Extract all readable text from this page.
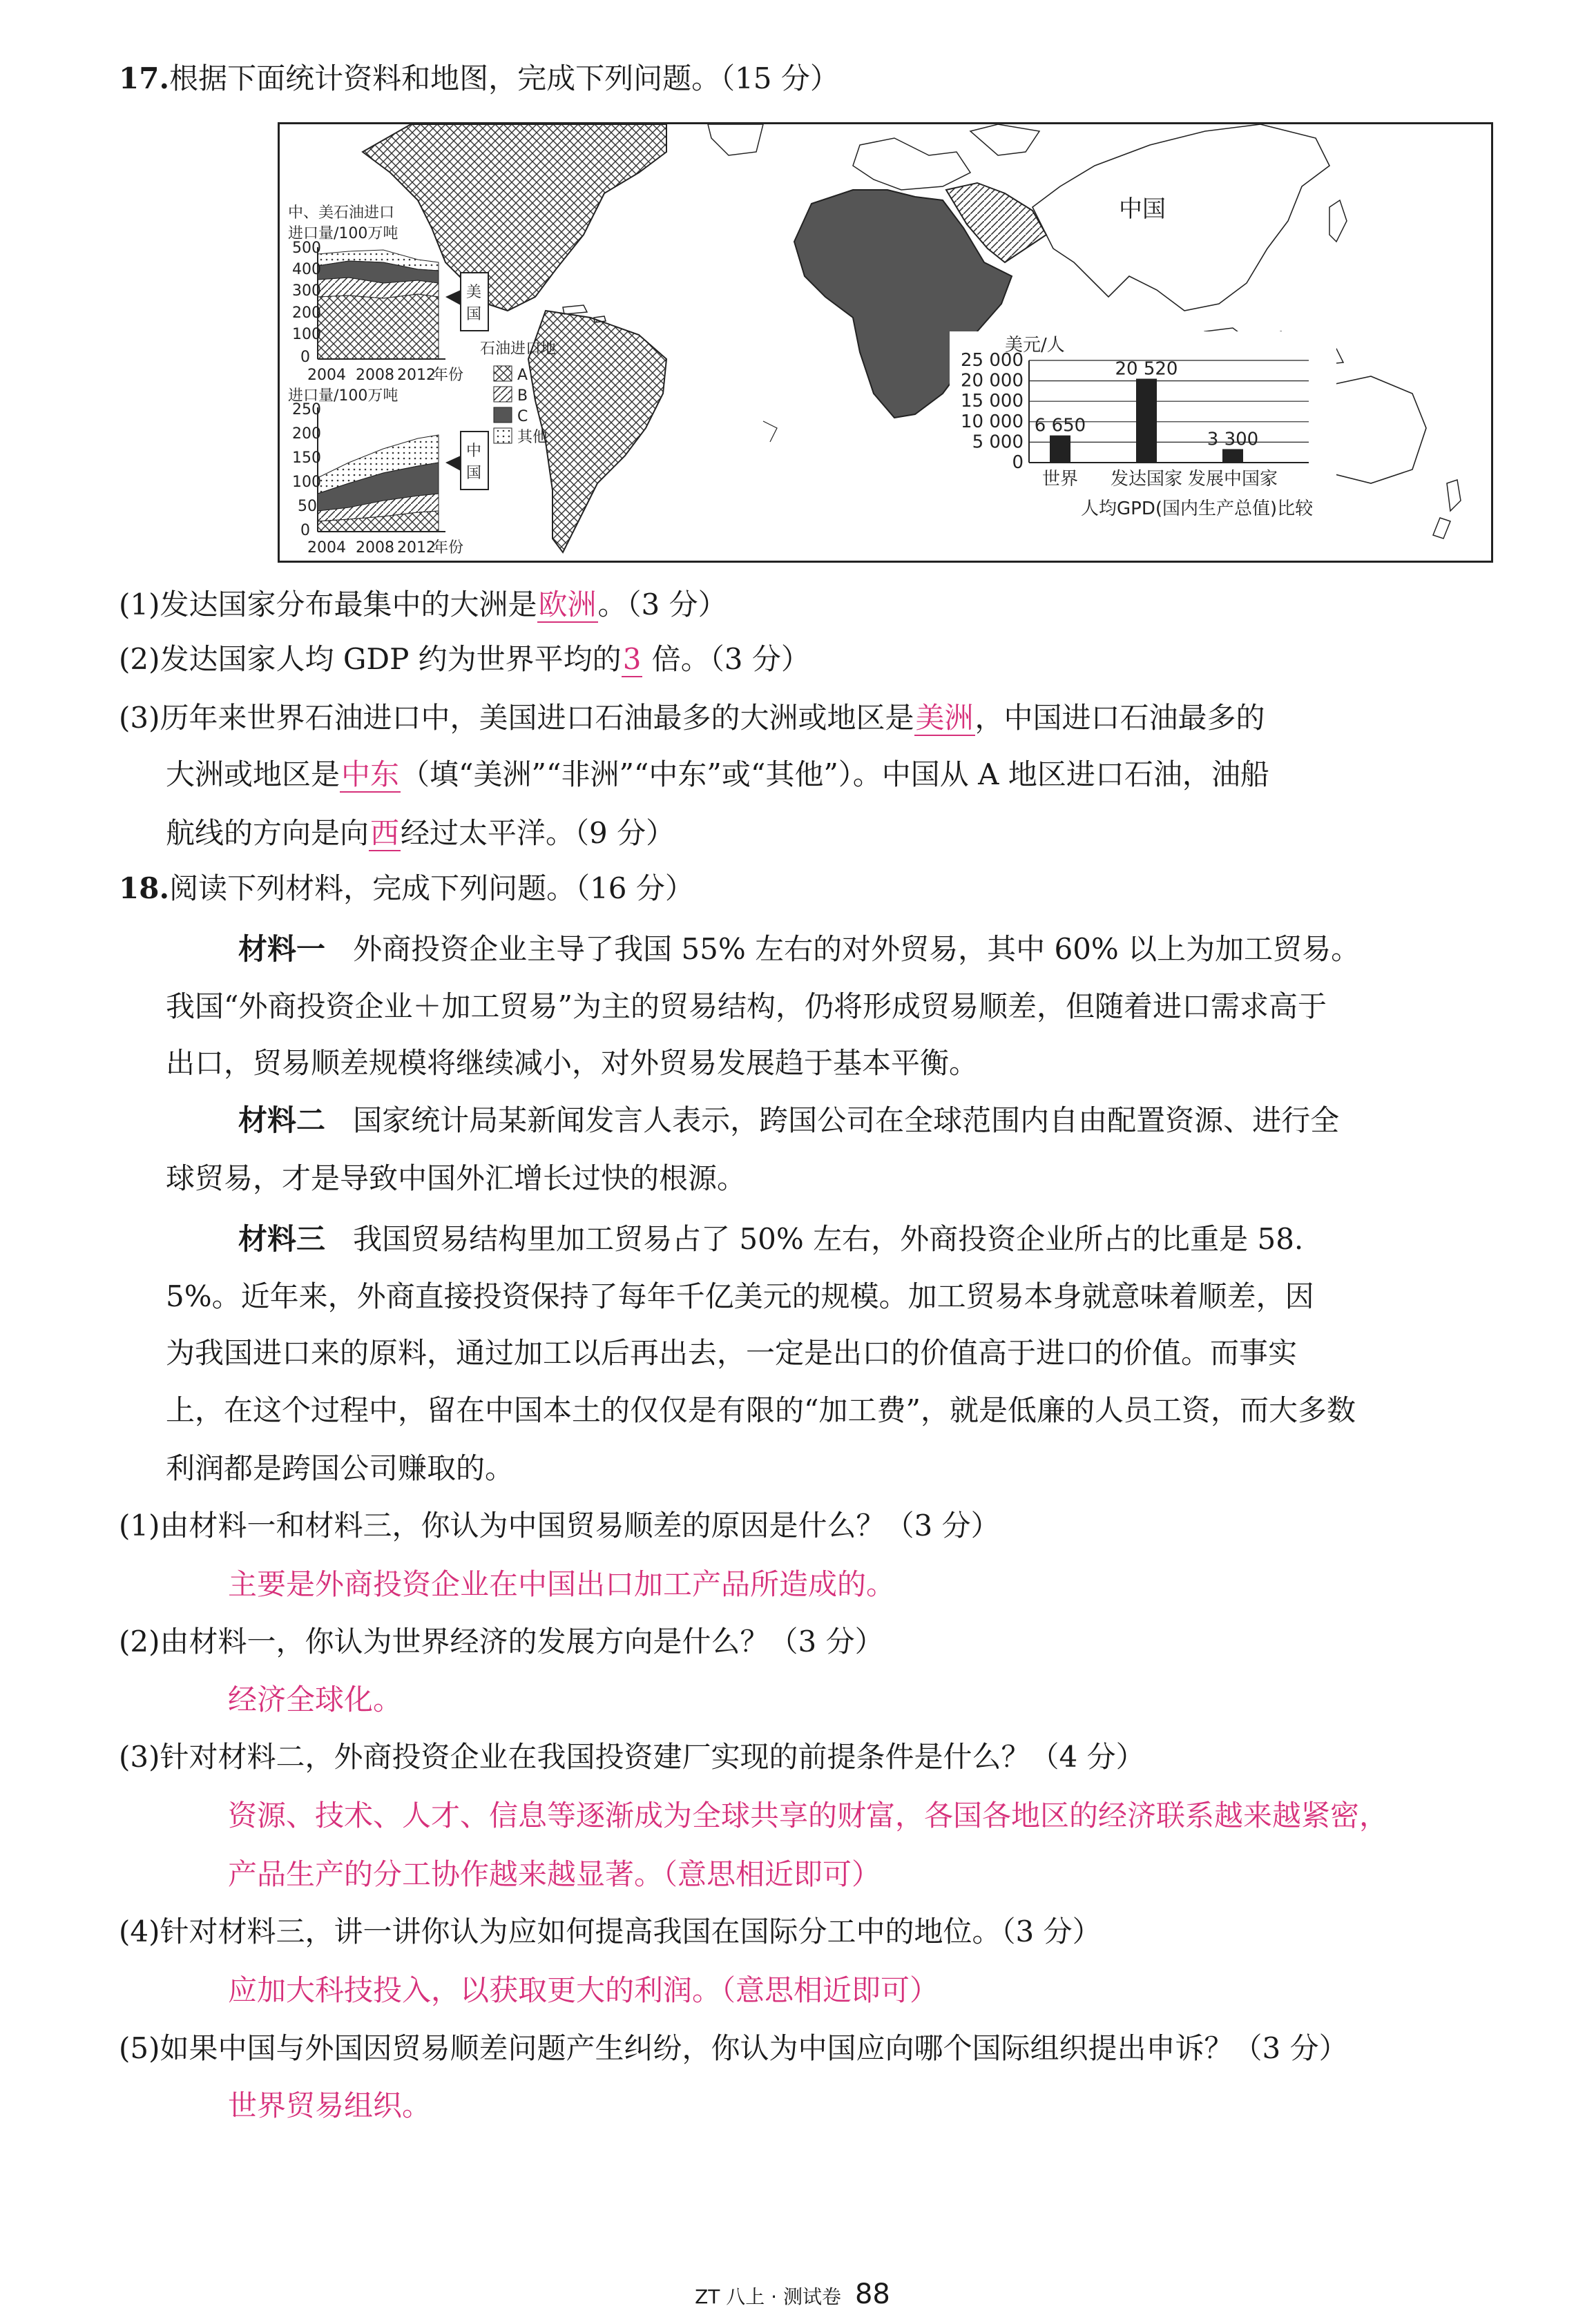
17.根据下面统计资料和地图，完成下列问题。（15 分）
中国
中、美石油进口
进口量/100万吨
500
400
300
200
100
0
2004 2008 2012
年份
美
国
石油进口地
A
B
C
其他
进口量/100万吨
250
200
150
100
50
0
2004 2008 2012
年份
中
国
美元/人
25 000
20 000
15 000
10 000
5 000
0
6 650
世界
20 520
发达国家
3 300
发展中国家
人均GPD(国内生产总值)比较
(1)发达国家分布最集中的大洲是欧洲。（3 分）
(2)发达国家人均 GDP 约为世界平均的3 倍。（3 分）
(3)历年来世界石油进口中，美国进口石油最多的大洲或地区是美洲，中国进口石油最多的
大洲或地区是中东（填“美洲”“非洲”“中东”或“其他”）。中国从 A 地区进口石油，油船
航线的方向是向西经过太平洋。（9 分）
18.阅读下列材料，完成下列问题。（16 分）
材料一 外商投资企业主导了我国 55% 左右的对外贸易，其中 60% 以上为加工贸易。
我国“外商投资企业＋加工贸易”为主的贸易结构，仍将形成贸易顺差，但随着进口需求高于
出口，贸易顺差规模将继续减小，对外贸易发展趋于基本平衡。
材料二 国家统计局某新闻发言人表示，跨国公司在全球范围内自由配置资源、进行全
球贸易，才是导致中国外汇增长过快的根源。
材料三 我国贸易结构里加工贸易占了 50% 左右，外商投资企业所占的比重是 58.
5%。近年来，外商直接投资保持了每年千亿美元的规模。加工贸易本身就意味着顺差，因
为我国进口来的原料，通过加工以后再出去，一定是出口的价值高于进口的价值。而事实
上，在这个过程中，留在中国本土的仅仅是有限的“加工费”，就是低廉的人员工资，而大多数
利润都是跨国公司赚取的。
(1)由材料一和材料三，你认为中国贸易顺差的原因是什么？（3 分）
主要是外商投资企业在中国出口加工产品所造成的。
(2)由材料一，你认为世界经济的发展方向是什么？（3 分）
经济全球化。
(3)针对材料二，外商投资企业在我国投资建厂实现的前提条件是什么？（4 分）
资源、技术、人才、信息等逐渐成为全球共享的财富，各国各地区的经济联系越来越紧密，
产品生产的分工协作越来越显著。（意思相近即可）
(4)针对材料三，讲一讲你认为应如何提高我国在国际分工中的地位。（3 分）
应加大科技投入，以获取更大的利润。（意思相近即可）
(5)如果中国与外国因贸易顺差问题产生纠纷，你认为中国应向哪个国际组织提出申诉？（3 分）
世界贸易组织。
ZT 八上 · 测试卷 88
